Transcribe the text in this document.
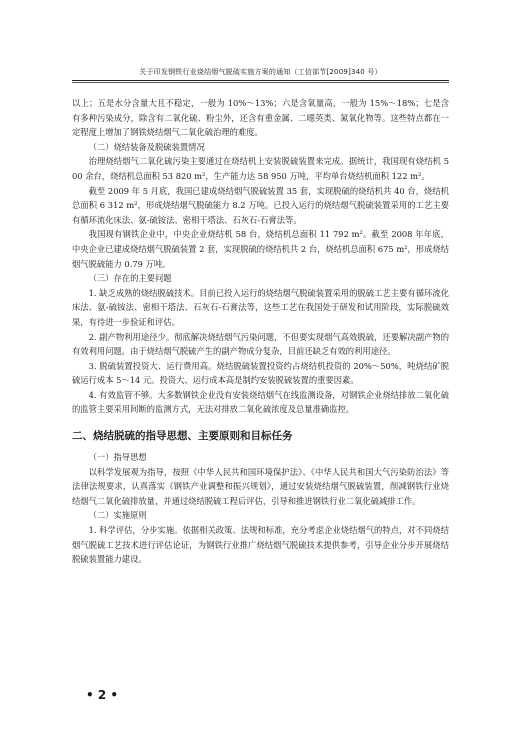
关于印发钢铁行业烧结烟气脱硫实施方案的通知（工信部节[2009]340 号）

以上；五是水分含量大且不稳定，一般为 10%～13%；六是含氧量高，一般为 15%～18%；七是含有多种污染成分，除含有二氧化硫、粉尘外，还含有重金属、二噁英类、氮氧化物等。这些特点都在一定程度上增加了钢铁烧结烟气二氧化硫治理的难度。

（二）烧结装备及脱硫装置情况

治理烧结烟气二氧化硫污染主要通过在烧结机上安装脱硫装置来完成。据统计，我国现有烧结机 500 余台，烧结机总面积 53 820 m²，生产能力达 58 950 万吨，平均单台烧结机面积 122 m²。

截至 2009 年 5 月底，我国已建成烧结烟气脱硫装置 35 套，实现脱硫的烧结机共 40 台，烧结机总面积 6 312 m²，形成烧结烟气脱硫能力 8.2 万吨。已投入运行的烧结烟气脱硫装置采用的工艺主要有循环流化床法、氨-硫铵法、密相干塔法、石灰石-石膏法等。

我国现有钢铁企业中，中央企业烧结机 58 台，烧结机总面积 11 792 m²。截至 2008 年年底，中央企业已建成烧结烟气脱硫装置 2 套，实现脱硫的烧结机共 2 台，烧结机总面积 675 m²，形成烧结烟气脱硫能力 0.79 万吨。

（三）存在的主要问题

1. 缺乏成熟的烧结脱硫技术。目前已投入运行的烧结烟气脱硫装置采用的脱硫工艺主要有循环流化床法、氨-硫铵法、密相干塔法、石灰石-石膏法等，这些工艺在我国处于研发和试用阶段，实际脱硫效果，有待进一步验证和评估。

2. 副产物利用途径少。彻底解决烧结烟气污染问题，不但要实现烟气高效脱硫，还要解决副产物的有效利用问题。由于烧结烟气脱硫产生的副产物成分复杂，目前还缺乏有效的利用途径。

3. 脱硫装置投资大、运行费用高。烧结脱硫装置投资约占烧结机投资的 20%～50%，吨烧结矿脱硫运行成本 5～14 元。投资大、运行成本高是制约安装脱硫装置的重要因素。

4. 有效监管不够。大多数钢铁企业没有安装烧结烟气在线监测设备，对钢铁企业烧结排放二氧化硫的监管主要采用间断的监测方式，无法对排放二氧化硫浓度及总量准确监控。

二、烧结脱硫的指导思想、主要原则和目标任务

（一）指导思想

以科学发展观为指导，按照《中华人民共和国环境保护法》、《中华人民共和国大气污染防治法》等法律法规要求，认真落实《钢铁产业调整和振兴规划》，通过安装烧结烟气脱硫装置，削减钢铁行业烧结烟气二氧化硫排放量，并通过烧结脱硫工程后评估，引导和推进钢铁行业二氧化硫减排工作。

（二）实施原则

1. 科学评估，分步实施。依据相关政策、法规和标准，充分考虑企业烧结烟气的特点，对不同烧结烟气脱硫工艺技术进行评估论证，为钢铁行业推广烧结烟气脱硫技术提供参考，引导企业分步开展烧结脱硫装置能力建设。

• 2 •
